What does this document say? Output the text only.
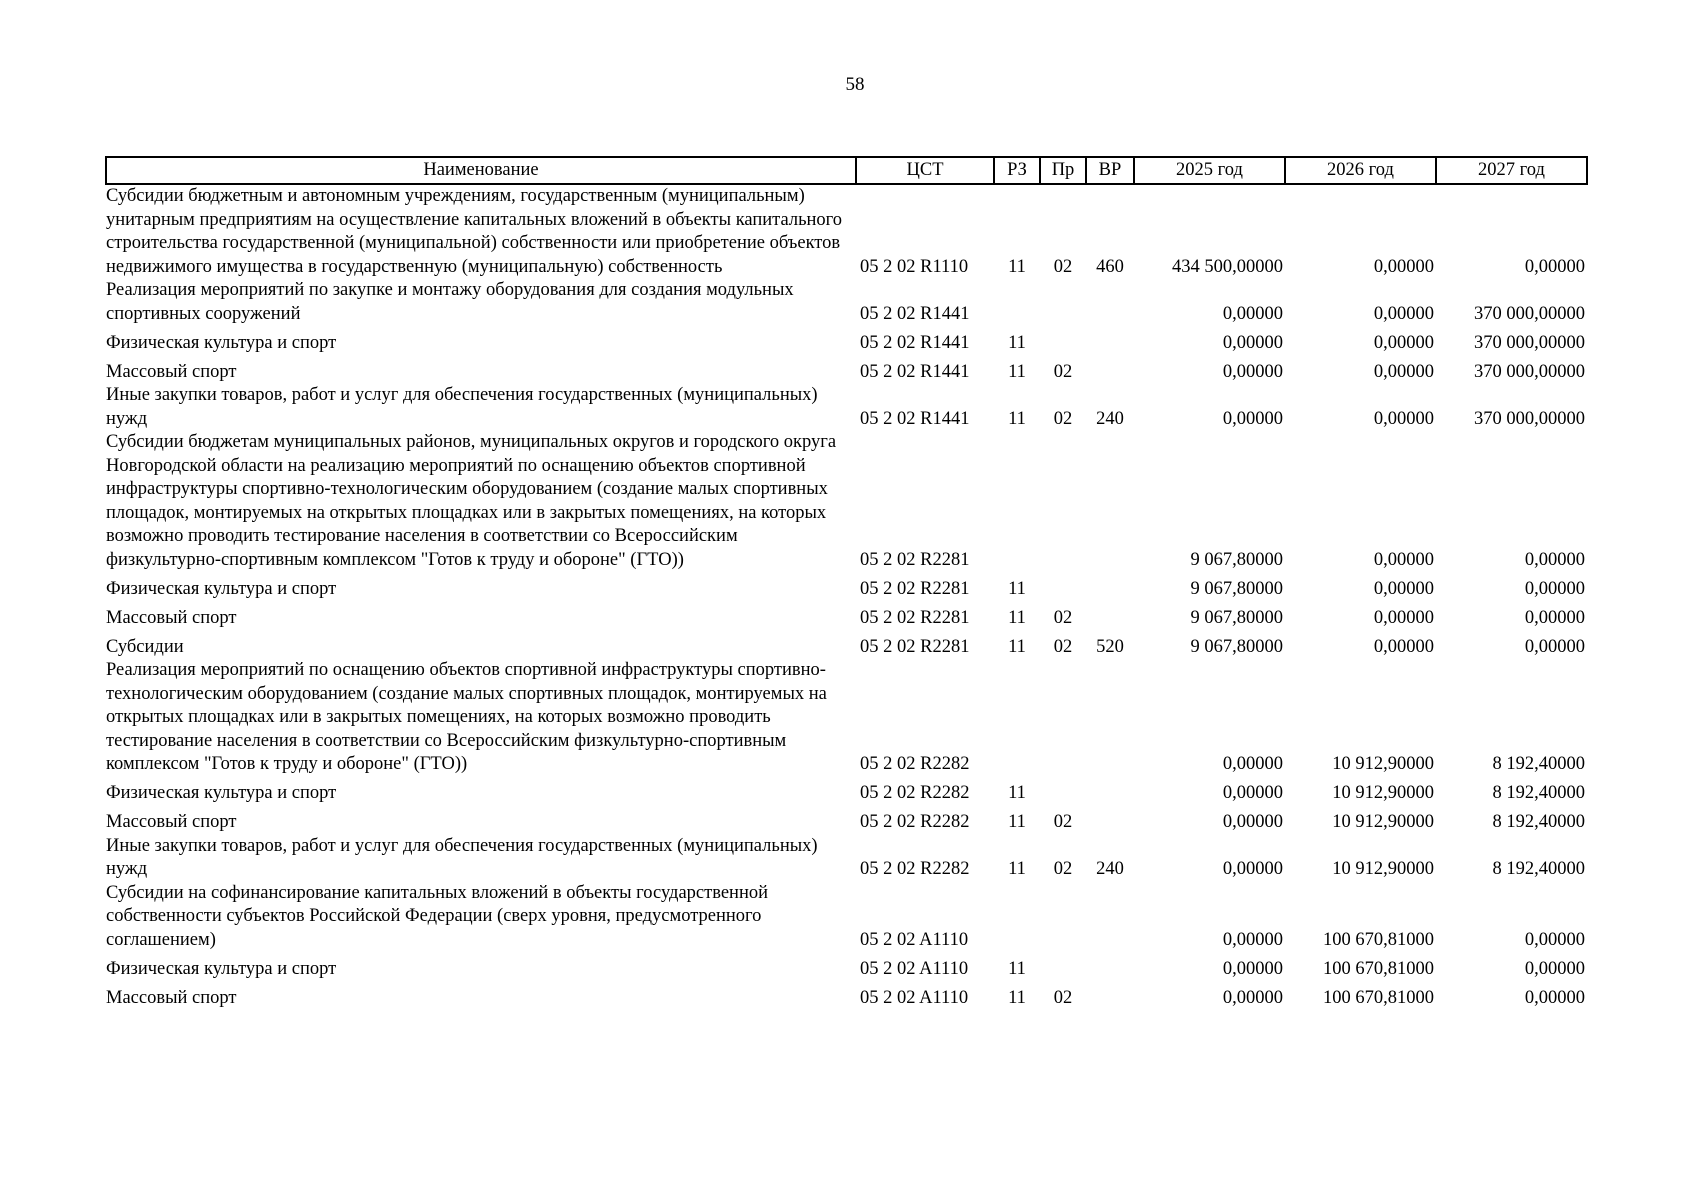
58
Наименование	ЦСТ	РЗ	Пр	ВР	2025 год	2026 год	2027 год
Субсидии бюджетным и автономным учреждениям, государственным (муниципальным) унитарным предприятиям на осуществление капитальных вложений в объекты капитального строительства государственной (муниципальной) собственности или приобретение объектов недвижимого имущества в государственную (муниципальную) собственность	05 2 02 R1110	11	02	460	434 500,00000	0,00000	0,00000
Реализация мероприятий по закупке и монтажу оборудования для создания модульных спортивных сооружений	05 2 02 R1441				0,00000	0,00000	370 000,00000
Физическая культура и спорт	05 2 02 R1441	11			0,00000	0,00000	370 000,00000
Массовый спорт	05 2 02 R1441	11	02		0,00000	0,00000	370 000,00000
Иные закупки товаров, работ и услуг для обеспечения государственных (муниципальных) нужд	05 2 02 R1441	11	02	240	0,00000	0,00000	370 000,00000
Субсидии бюджетам муниципальных районов, муниципальных округов и городского округа Новгородской области на реализацию мероприятий по оснащению объектов спортивной инфраструктуры спортивно-технологическим оборудованием (создание малых спортивных площадок, монтируемых на открытых площадках или в закрытых помещениях, на которых возможно проводить тестирование населения в соответствии со Всероссийским физкультурно-спортивным комплексом "Готов к труду и обороне" (ГТО))	05 2 02 R2281				9 067,80000	0,00000	0,00000
Физическая культура и спорт	05 2 02 R2281	11			9 067,80000	0,00000	0,00000
Массовый спорт	05 2 02 R2281	11	02		9 067,80000	0,00000	0,00000
Субсидии	05 2 02 R2281	11	02	520	9 067,80000	0,00000	0,00000
Реализация мероприятий по оснащению объектов спортивной инфраструктуры спортивно-технологическим оборудованием (создание малых спортивных площадок, монтируемых на открытых площадках или в закрытых помещениях, на которых возможно проводить тестирование населения в соответствии со Всероссийским физкультурно-спортивным комплексом "Готов к труду и обороне" (ГТО))	05 2 02 R2282				0,00000	10 912,90000	8 192,40000
Физическая культура и спорт	05 2 02 R2282	11			0,00000	10 912,90000	8 192,40000
Массовый спорт	05 2 02 R2282	11	02		0,00000	10 912,90000	8 192,40000
Иные закупки товаров, работ и услуг для обеспечения государственных (муниципальных) нужд	05 2 02 R2282	11	02	240	0,00000	10 912,90000	8 192,40000
Субсидии на софинансирование капитальных вложений в объекты государственной собственности субъектов Российской Федерации (сверх уровня, предусмотренного соглашением)	05 2 02 A1110				0,00000	100 670,81000	0,00000
Физическая культура и спорт	05 2 02 A1110	11			0,00000	100 670,81000	0,00000
Массовый спорт	05 2 02 A1110	11	02		0,00000	100 670,81000	0,00000
